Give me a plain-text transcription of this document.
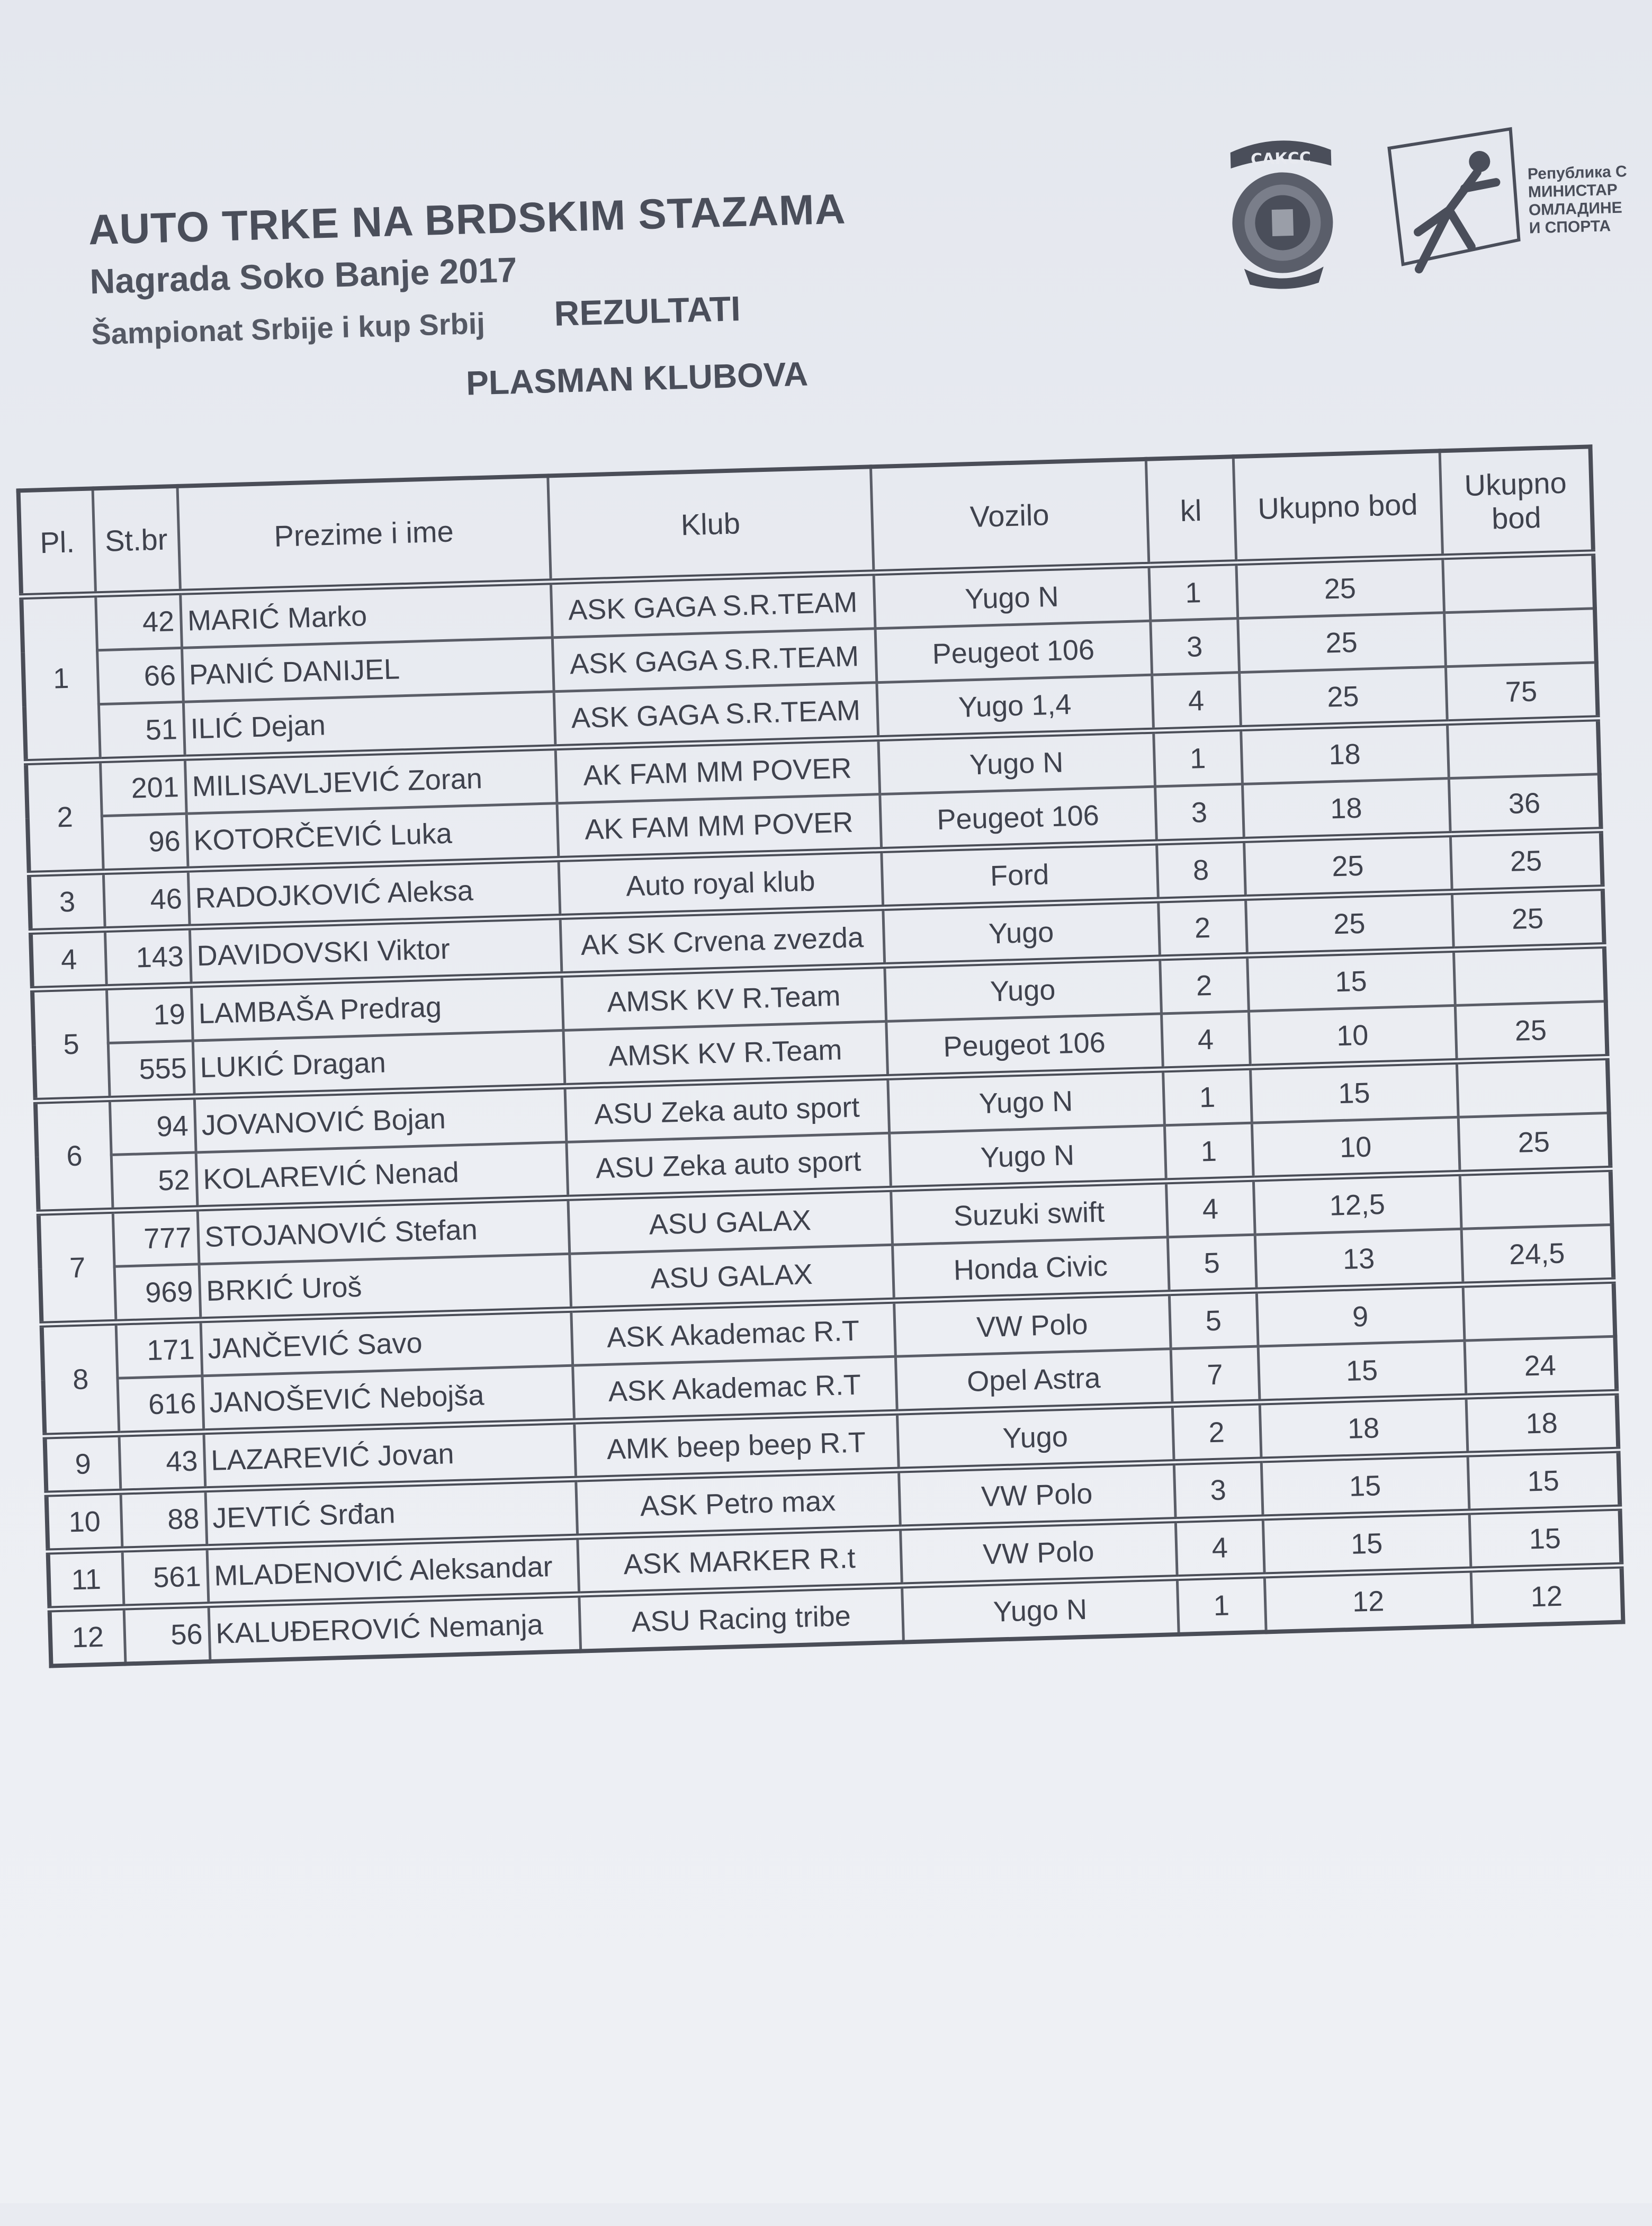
AUTO TRKE NA BRDSKIM STAZAMA
Nagrada Soko Banje 2017
Šampionat Srbije i kup Srbij REZULTATI
PLASMAN KLUBOVA
САКСС
Република С
МИНИСТАР
ОМЛАДИНЕ
И СПОРТА
Pl.	St.br	Prezime i ime	Klub	Vozilo	kl	Ukupno bod	Ukupno bod
1	42	MARIĆ Marko	ASK GAGA S.R.TEAM	Yugo N	1	25	
	66	PANIĆ DANIJEL	ASK GAGA S.R.TEAM	Peugeot 106	3	25	
	51	ILIĆ Dejan	ASK GAGA S.R.TEAM	Yugo 1,4	4	25	75
2	201	MILISAVLJEVIĆ Zoran	AK FAM MM POVER	Yugo N	1	18	
	96	KOTORČEVIĆ Luka	AK FAM MM POVER	Peugeot 106	3	18	36
3	46	RADOJKOVIĆ Aleksa	Auto royal klub	Ford	8	25	25
4	143	DAVIDOVSKI Viktor	AK SK Crvena zvezda	Yugo	2	25	25
5	19	LAMBAŠA Predrag	AMSK KV R.Team	Yugo	2	15	
	555	LUKIĆ Dragan	AMSK KV R.Team	Peugeot 106	4	10	25
6	94	JOVANOVIĆ Bojan	ASU Zeka auto sport	Yugo N	1	15	
	52	KOLAREVIĆ Nenad	ASU Zeka auto sport	Yugo N	1	10	25
7	777	STOJANOVIĆ Stefan	ASU GALAX	Suzuki swift	4	12,5	
	969	BRKIĆ Uroš	ASU GALAX	Honda Civic	5	13	24,5
8	171	JANČEVIĆ Savo	ASK Akademac R.T	VW Polo	5	9	
	616	JANOŠEVIĆ Nebojša	ASK Akademac R.T	Opel Astra	7	15	24
9	43	LAZAREVIĆ Jovan	AMK beep beep R.T	Yugo	2	18	18
10	88	JEVTIĆ Srđan	ASK Petro max	VW Polo	3	15	15
11	561	MLADENOVIĆ Aleksandar	ASK MARKER R.t	VW Polo	4	15	15
12	56	KALUĐEROVIĆ Nemanja	ASU Racing tribe	Yugo N	1	12	12
